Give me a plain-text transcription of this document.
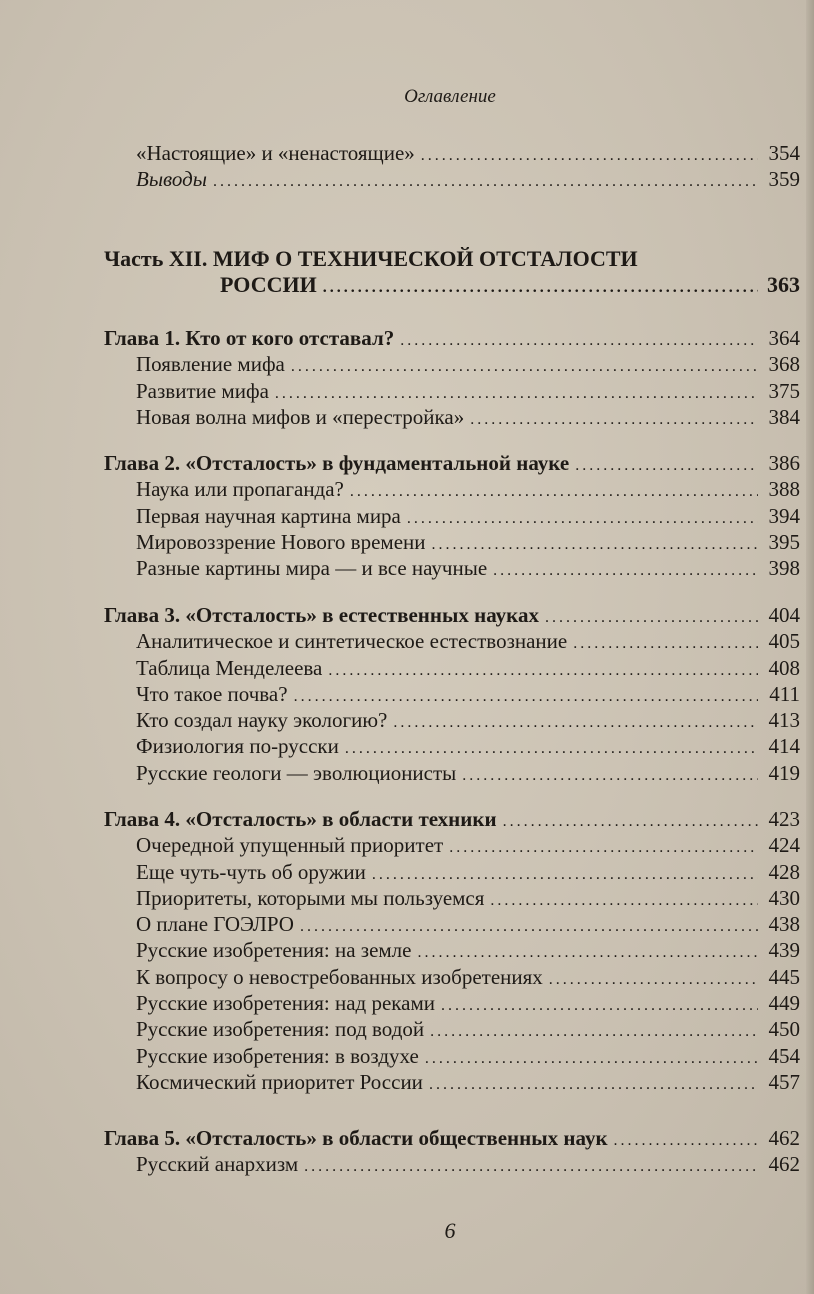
Оглавление
«Настоящие» и «ненастоящие» . . .	354
Выводы . . .	359
Часть XII. МИФ О ТЕХНИЧЕСКОЙ ОТСТАЛОСТИ
РОССИИ . . .	363
Глава 1. Кто от кого отставал? . . .	364
Появление мифа . . .	368
Развитие мифа . . .	375
Новая волна мифов и «перестройка» . . .	384
Глава 2. «Отсталость» в фундаментальной науке . . .	386
Наука или пропаганда? . . .	388
Первая научная картина мира . . .	394
Мировоззрение Нового времени . . .	395
Разные картины мира — и все научные . . .	398
Глава 3. «Отсталость» в естественных науках . . .	404
Аналитическое и синтетическое естествознание . . .	405
Таблица Менделеева . . .	408
Что такое почва? . . .	411
Кто создал науку экологию? . . .	413
Физиология по-русски . . .	414
Русские геологи — эволюционисты . . .	419
Глава 4. «Отсталость» в области техники . . .	423
Очередной упущенный приоритет . . .	424
Еще чуть-чуть об оружии . . .	428
Приоритеты, которыми мы пользуемся . . .	430
О плане ГОЭЛРО . . .	438
Русские изобретения: на земле . . .	439
К вопросу о невостребованных изобретениях . . .	445
Русские изобретения: над реками . . .	449
Русские изобретения: под водой . . .	450
Русские изобретения: в воздухе . . .	454
Космический приоритет России . . .	457
Глава 5. «Отсталость» в области общественных наук . . .	462
Русский анархизм . . .	462
6
